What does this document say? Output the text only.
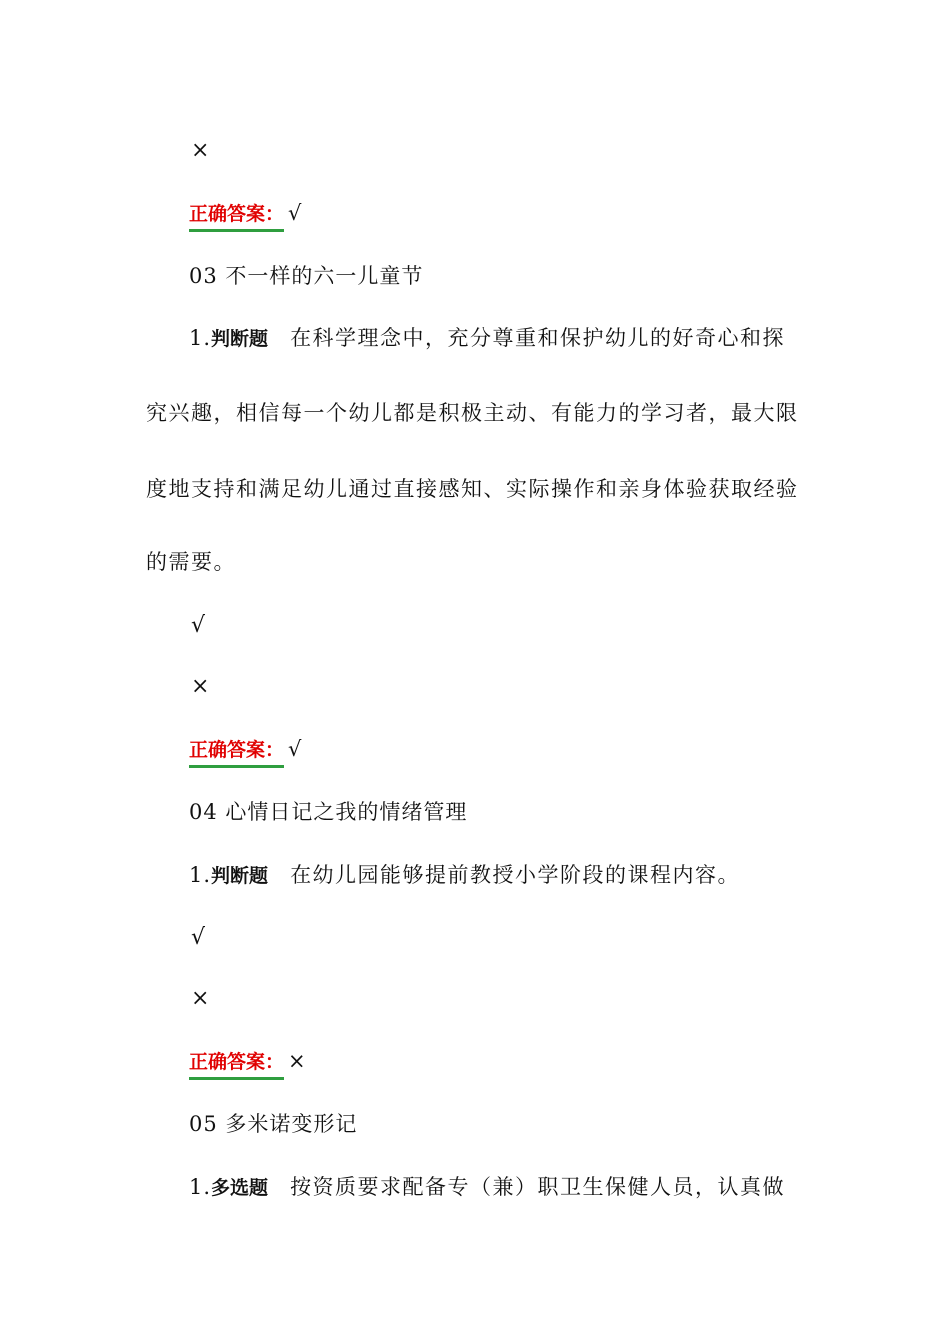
×
正确答案： √
03 不一样的六一儿童节
1.判断题 在科学理念中，充分尊重和保护幼儿的好奇心和探
究兴趣，相信每一个幼儿都是积极主动、有能力的学习者，最大限
度地支持和满足幼儿通过直接感知、实际操作和亲身体验获取经验
的需要。
√
×
正确答案： √
04 心情日记之我的情绪管理
1.判断题 在幼儿园能够提前教授小学阶段的课程内容。
√
×
正确答案： ×
05 多米诺变形记
1.多选题 按资质要求配备专（兼）职卫生保健人员，认真做
